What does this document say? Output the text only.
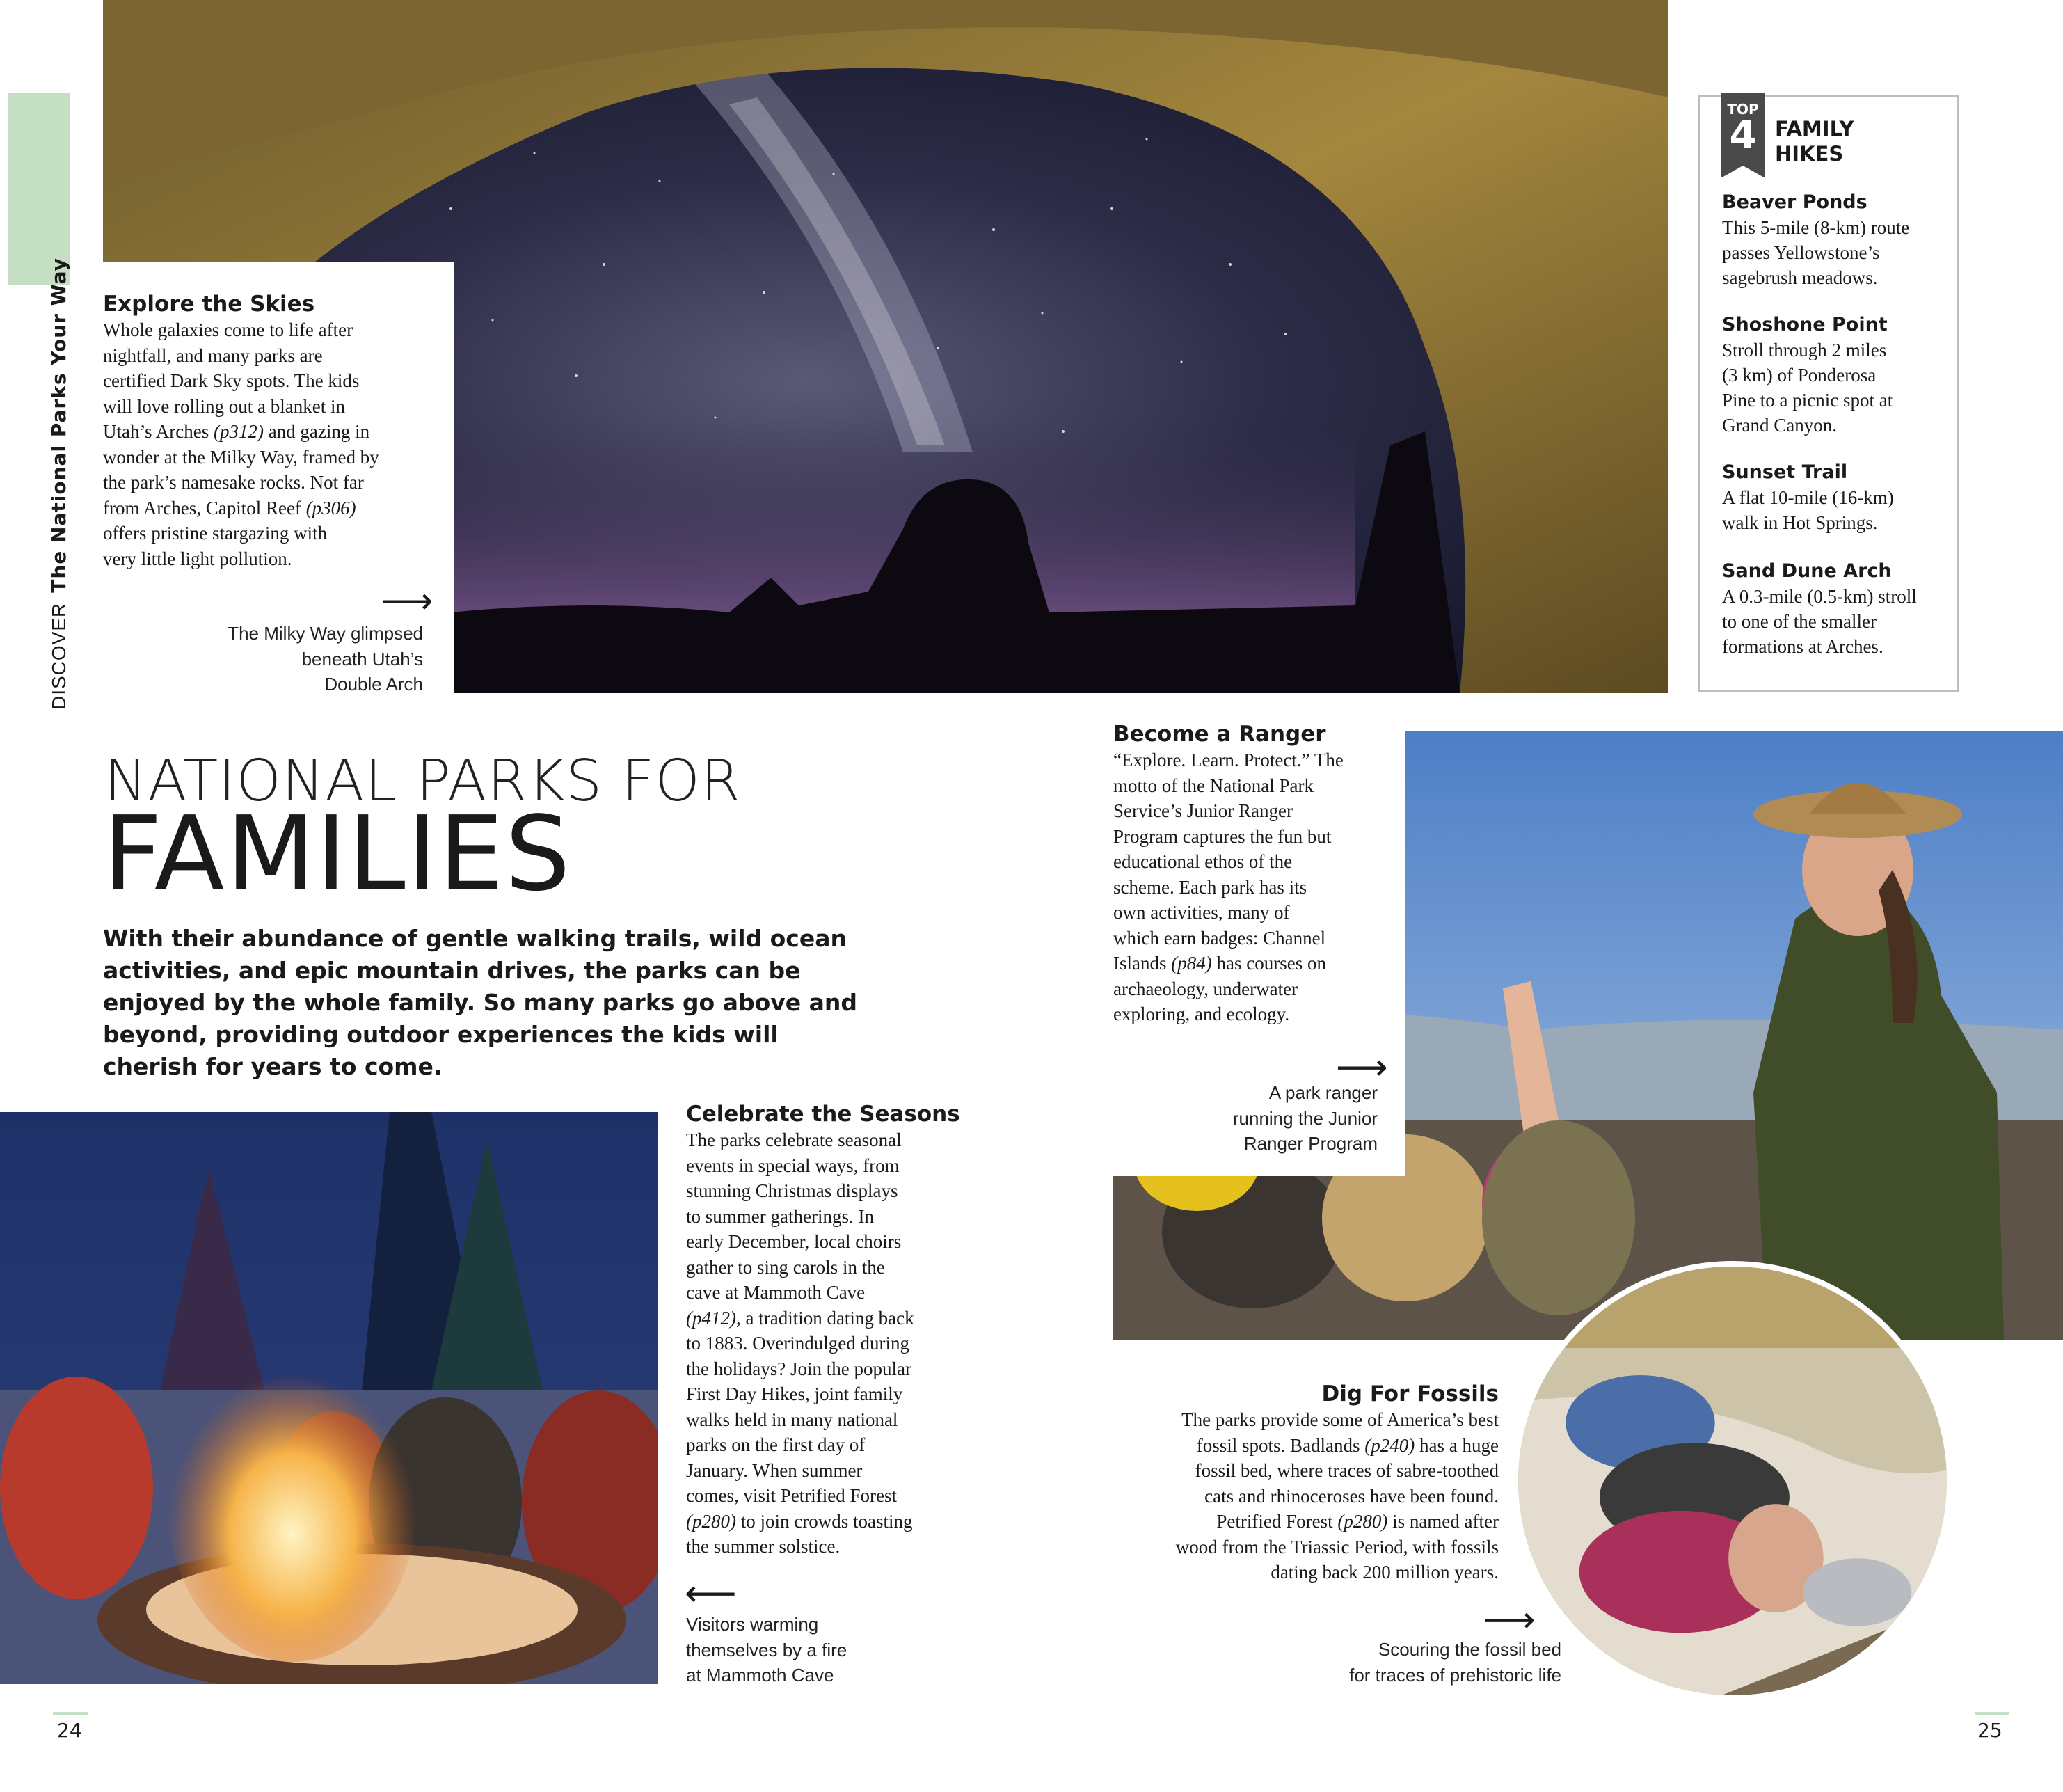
DISCOVERThe National Parks Your Way Explore the Skies
Whole galaxies come to life after
nightfall, and many parks are
certified Dark Sky spots. The kids
will love rolling out a blanket in
Utah’s Arches (p312) and gazing in
wonder at the Milky Way, framed by
the park’s namesake rocks. Not far
from Arches, Capitol Reef (p306)
offers pristine stargazing with
very little light pollution.
⟶
The Milky Way glimpsed
beneath Utah’s
Double Arch
TOP
4 FAMILY
HIKES
Beaver Ponds

This 5-mile (8-km) route

passes Yellowstone’s

sagebrush meadows.

Shoshone Point

Stroll through 2 miles

(3 km) of Ponderosa

Pine to a picnic spot at

Grand Canyon.

Sunset Trail

A flat 10-mile (16-km)

walk in Hot Springs.

Sand Dune Arch

A 0.3-mile (0.5-km) stroll

to one of the smaller

formations at Arches.

NATIONAL PARKS FOR
FAMILIES
With their abundance of gentle walking trails, wild ocean activities, and epic mountain drives, the parks can be enjoyed by the whole family. So many parks go above and beyond, providing outdoor experiences the kids will cherish for years to come.
Become a Ranger
“Explore. Learn. Protect.” The
motto of the National Park
Service’s Junior Ranger
Program captures the fun but
educational ethos of the
scheme. Each park has its
own activities, many of
which earn badges: Channel
Islands (p84) has courses on
archaeology, underwater
exploring, and ecology.
⟶
A park ranger
running the Junior
Ranger Program
Celebrate the Seasons
The parks celebrate seasonal
events in special ways, from
stunning Christmas displays
to summer gatherings. In
early December, local choirs
gather to sing carols in the
cave at Mammoth Cave
(p412), a tradition dating back
to 1883. Overindulged during
the holidays? Join the popular
First Day Hikes, joint family
walks held in many national
parks on the first day of
January. When summer
comes, visit Petrified Forest
(p280) to join crowds toasting
the summer solstice.
⟵
Visitors warming
themselves by a fire
at Mammoth Cave
Dig For Fossils
The parks provide some of America’s best
fossil spots. Badlands (p240) has a huge
fossil bed, where traces of sabre-toothed
cats and rhinoceroses have been found.
Petrified Forest (p280) is named after
wood from the Triassic Period, with fossils
dating back 200 million years.
⟶
Scouring the fossil bed
for traces of prehistoric life
24	25
